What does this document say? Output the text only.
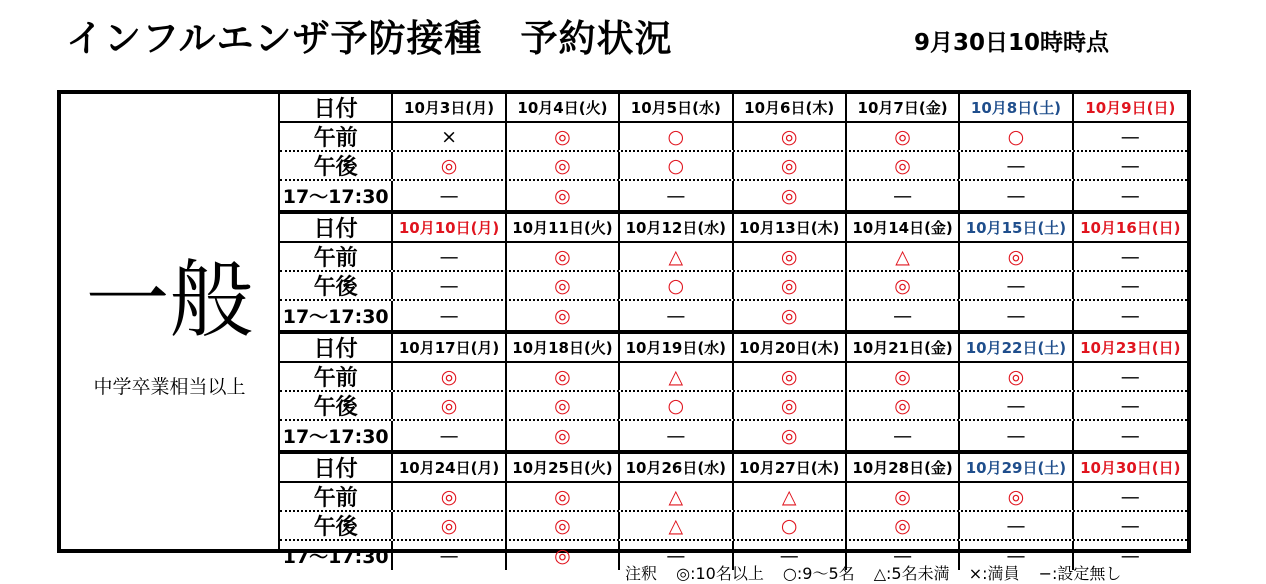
インフルエンザ予防接種　予約状況	9月30日10時時点
一般
中学卒業相当以上
日付	10月3日(月)	10月4日(火)	10月5日(水)	10月6日(木)	10月7日(金)	10月8日(土)	10月9日(日)
午前	×	◎	○	◎	◎	○	—
午後	◎	◎	○	◎	◎	—	—
17～17:30	—	◎	—	◎	—	—	—
日付	10月10日(月) 10月11日(火) 10月12日(水) 10月13日(木) 10月14日(金) 10月15日(土) 10月16日(日)
午前	—	◎	△	◎	△	◎	—
午後	—	◎	○	◎	◎	—	—
17～17:30	—	◎	—	◎	—	—	—
日付	10月17日(月) 10月18日(火) 10月19日(水) 10月20日(木) 10月21日(金) 10月22日(土) 10月23日(日)
午前	◎	◎	△	◎	◎	◎	—
午後	◎	◎	○	◎	◎	—	—
17～17:30	—	◎	—	◎	—	—	—
日付	10月24日(月) 10月25日(火) 10月26日(水) 10月27日(木) 10月28日(金) 10月29日(土) 10月30日(日)
午前	◎	◎	△	△	◎	◎	—
午後	◎	◎	△	○	◎	—	—
17～17:30	—	◎	—	—	—	—	—
注釈 ◎:10名以上 ○:9～5名 △:5名未満 ×:満員 −:設定無し
